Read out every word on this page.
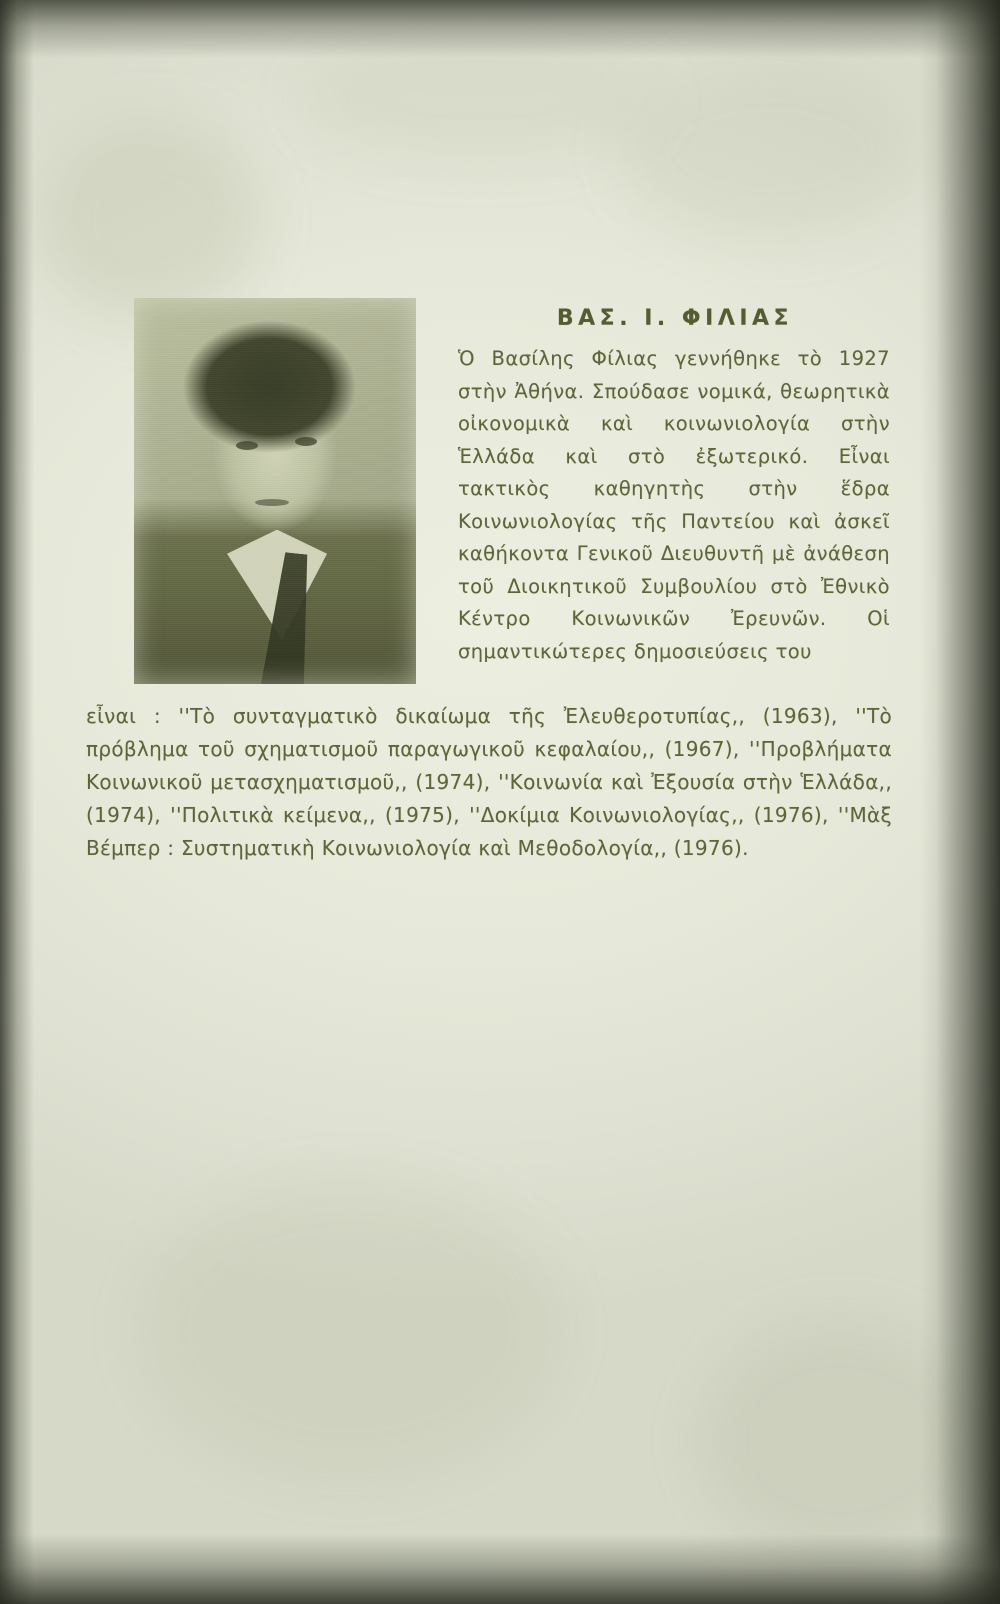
ΒΑΣ. Ι. ΦΙΛΙΑΣ
Ὁ Βασίλης Φίλιας γεννήθηκε τὸ 1927 στὴν Ἀθήνα. Σπούδασε νομικά, θεωρητικὰ οἰκονομικὰ καὶ κοινωνιολογία στὴν Ἑλλάδα καὶ στὸ ἐξωτερικό. Εἶναι τακτικὸς καθηγητὴς στὴν ἕδρα Κοινωνιολογίας τῆς Παντείου καὶ ἀσκεῖ καθήκοντα Γενικοῦ Διευθυντῆ μὲ ἀνάθεση τοῦ Διοικητικοῦ Συμβουλίου στὸ Ἐθνικὸ Κέντρο Κοινωνικῶν Ἐρευνῶν. Οἱ σημαντικώτερες δημοσιεύσεις του
εἶναι : ''Τὸ συνταγματικὸ δικαίωμα τῆς Ἐλευθεροτυπίας,, (1963), ''Τὸ πρόβλημα τοῦ σχηματισμοῦ παραγωγικοῦ κεφαλαίου,, (1967), ''Προβλήματα Κοινωνικοῦ μετασχηματισμοῦ,, (1974), ''Κοινωνία καὶ Ἐξουσία στὴν Ἑλλάδα,, (1974), ''Πολιτικὰ κείμενα,, (1975), ''Δοκίμια Κοινωνιολογίας,, (1976), ''Μὰξ Βέμπερ : Συστηματικὴ Κοινωνιολογία καὶ Μεθοδολογία,, (1976).
